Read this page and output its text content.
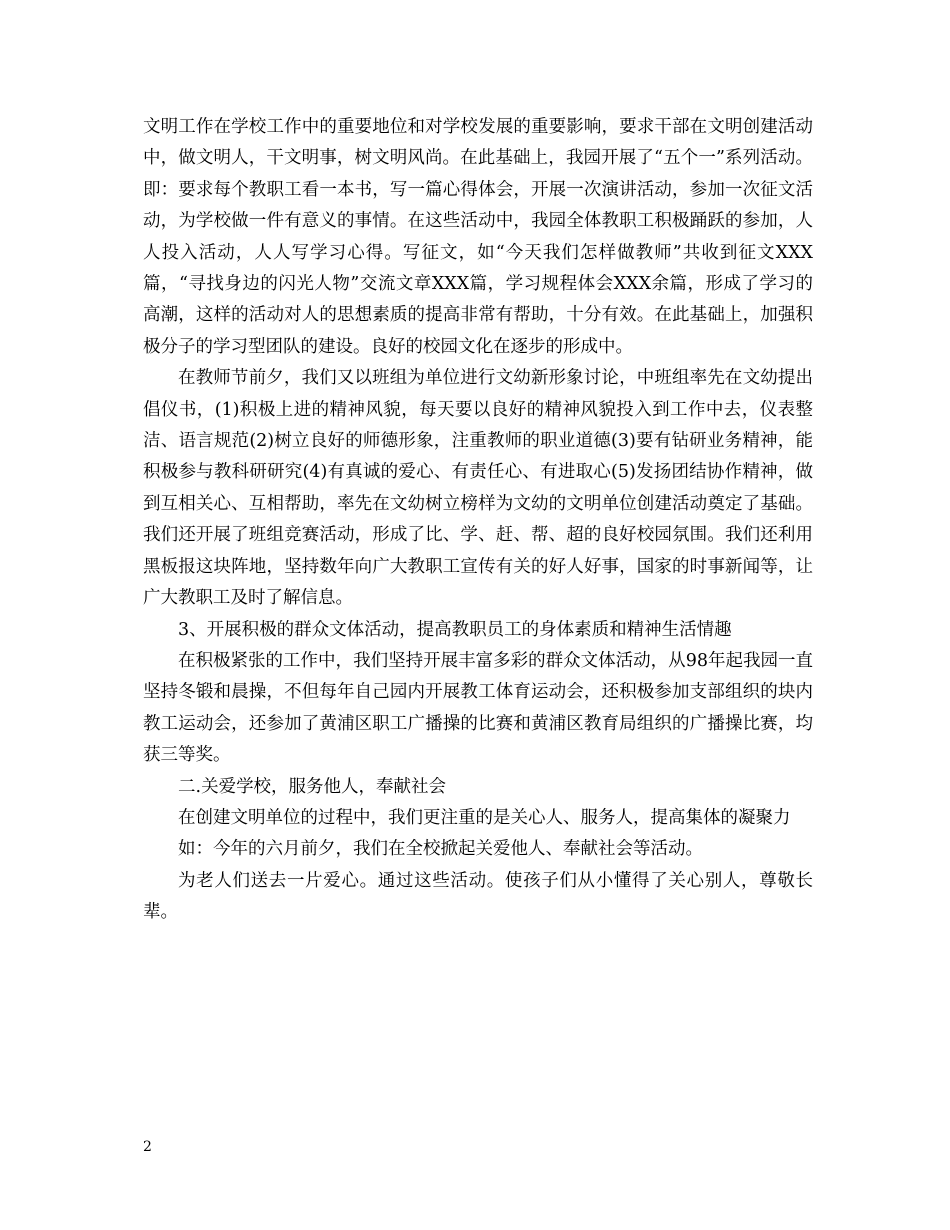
文明工作在学校工作中的重要地位和对学校发展的重要影响，要求干部在文明创建活动中，做文明人，干文明事，树文明风尚。在此基础上，我园开展了“五个一”系列活动。即：要求每个教职工看一本书，写一篇心得体会，开展一次演讲活动，参加一次征文活动，为学校做一件有意义的事情。在这些活动中，我园全体教职工积极踊跃的参加，人人投入活动，人人写学习心得。写征文，如“今天我们怎样做教师”共收到征文XXX篇，“寻找身边的闪光人物”交流文章XXX篇，学习规程体会XXX余篇，形成了学习的高潮，这样的活动对人的思想素质的提高非常有帮助，十分有效。在此基础上，加强积极分子的学习型团队的建设。良好的校园文化在逐步的形成中。

在教师节前夕，我们又以班组为单位进行文幼新形象讨论，中班组率先在文幼提出倡仪书，(1)积极上进的精神风貌，每天要以良好的精神风貌投入到工作中去，仪表整洁、语言规范(2)树立良好的师德形象，注重教师的职业道德(3)要有钻研业务精神，能积极参与教科研研究(4)有真诚的爱心、有责任心、有进取心(5)发扬团结协作精神，做到互相关心、互相帮助，率先在文幼树立榜样为文幼的文明单位创建活动奠定了基础。我们还开展了班组竞赛活动，形成了比、学、赶、帮、超的良好校园氛围。我们还利用黑板报这块阵地，坚持数年向广大教职工宣传有关的好人好事，国家的时事新闻等，让广大教职工及时了解信息。

3、开展积极的群众文体活动，提高教职员工的身体素质和精神生活情趣

在积极紧张的工作中，我们坚持开展丰富多彩的群众文体活动，从98年起我园一直坚持冬锻和晨操，不但每年自己园内开展教工体育运动会，还积极参加支部组织的块内教工运动会，还参加了黄浦区职工广播操的比赛和黄浦区教育局组织的广播操比赛，均获三等奖。

二.关爱学校，服务他人，奉献社会

在创建文明单位的过程中，我们更注重的是关心人、服务人，提高集体的凝聚力

如：今年的六月前夕，我们在全校掀起关爱他人、奉献社会等活动。

为老人们送去一片爱心。通过这些活动。使孩子们从小懂得了关心别人，尊敬长辈。

2
